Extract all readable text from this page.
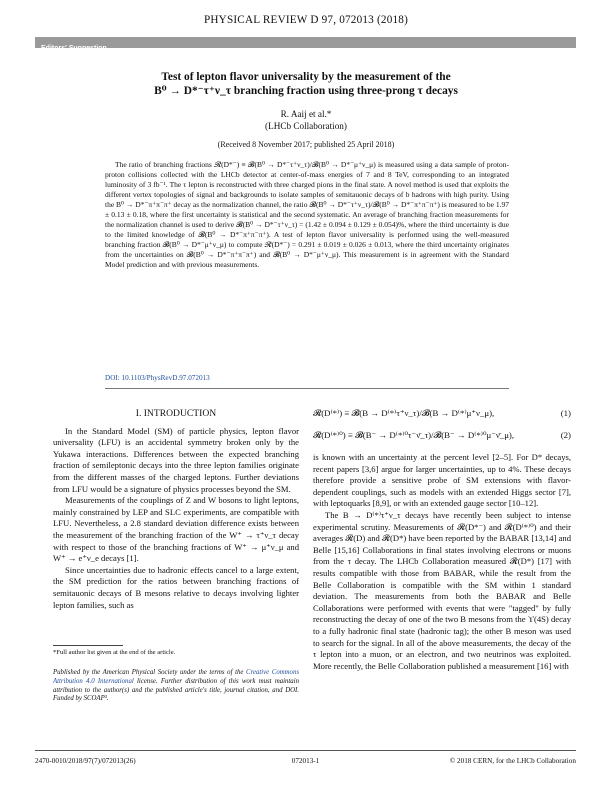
PHYSICAL REVIEW D 97, 072013 (2018)
Editors' Suggestion
Test of lepton flavor universality by the measurement of the
B⁰ → D*⁻τ⁺ν_τ branching fraction using three-prong τ decays
R. Aaij et al.*
(LHCb Collaboration)
(Received 8 November 2017; published 25 April 2018)

The ratio of branching fractions 𝓡(D*⁻) ≡ 𝓑(B⁰ → D*⁻τ⁺ν_τ)/𝓑(B⁰ → D*⁻μ⁺ν_μ) is measured using a data sample of proton-proton collisions collected with the LHCb detector at center-of-mass energies of 7 and 8 TeV, corresponding to an integrated luminosity of 3 fb⁻¹. The τ lepton is reconstructed with three charged pions in the final state. A novel method is used that exploits the different vertex topologies of signal and backgrounds to isolate samples of semitauonic decays of b hadrons with high purity. Using the B⁰ → D*⁻π⁺π⁻π⁺ decay as the normalization channel, the ratio 𝓑(B⁰ → D*⁻τ⁺ν_τ)/𝓑(B⁰ → D*⁻π⁺π⁻π⁺) is measured to be 1.97 ± 0.13 ± 0.18, where the first uncertainty is statistical and the second systematic. An average of branching fraction measurements for the normalization channel is used to derive 𝓑(B⁰ → D*⁻τ⁺ν_τ) = (1.42 ± 0.094 ± 0.129 ± 0.054)%, where the third uncertainty is due to the limited knowledge of 𝓑(B⁰ → D*⁻π⁺π⁻π⁺). A test of lepton flavor universality is performed using the well-measured branching fraction 𝓑(B⁰ → D*⁻μ⁺ν_μ) to compute 𝓡(D*⁻) = 0.291 ± 0.019 ± 0.026 ± 0.013, where the third uncertainty originates from the uncertainties on 𝓑(B⁰ → D*⁻π⁺π⁻π⁺) and 𝓑(B⁰ → D*⁻μ⁺ν_μ). This measurement is in agreement with the Standard Model prediction and with previous measurements.

DOI: 10.1103/PhysRevD.97.072013
I. INTRODUCTION

In the Standard Model (SM) of particle physics, lepton flavor universality (LFU) is an accidental symmetry broken only by the Yukawa interactions. Differences between the expected branching fraction of semileptonic decays into the three lepton families originate from the different masses of the charged leptons. Further deviations from LFU would be a signature of physics processes beyond the SM.

Measurements of the couplings of Z and W bosons to light leptons, mainly constrained by LEP and SLC experiments, are compatible with LFU. Nevertheless, a 2.8 standard deviation difference exists between the measurement of the branching fraction of the W⁺ → τ⁺ν_τ decay with respect to those of the branching fractions of W⁺ → μ⁺ν_μ and W⁺ → e⁺ν_e decays [1].

Since uncertainties due to hadronic effects cancel to a large extent, the SM prediction for the ratios between branching fractions of semitauonic decays of B mesons relative to decays involving lighter lepton families, such as

𝓡(D⁽*⁾) ≡ 𝓑(B → D⁽*⁾τ⁺ν_τ)/𝓑(B → D⁽*⁾μ⁺ν_μ),	(1)
𝓡(D⁽*⁾⁰) ≡ 𝓑(B⁻ → D⁽*⁾⁰τ⁻ν̄_τ)/𝓑(B⁻ → D⁽*⁾⁰μ⁻ν̄_μ),	(2)

is known with an uncertainty at the percent level [2–5]. For D* decays, recent papers [3,6] argue for larger uncertainties, up to 4%. These decays therefore provide a sensitive probe of SM extensions with flavor-dependent couplings, such as models with an extended Higgs sector [7], with leptoquarks [8,9], or with an extended gauge sector [10–12].

The B → D⁽*⁾τ⁺ν_τ decays have recently been subject to intense experimental scrutiny. Measurements of 𝓡(D*⁻) and 𝓡(D⁽*⁾⁰) and their averages 𝓡(D) and 𝓡(D*) have been reported by the BABAR [13,14] and Belle [15,16] Collaborations in final states involving electrons or muons from the τ decay. The LHCb Collaboration measured 𝓡(D*) [17] with results compatible with those from BABAR, while the result from the Belle Collaboration is compatible with the SM within 1 standard deviation. The measurements from both the BABAR and Belle Collaborations were performed with events that were "tagged" by fully reconstructing the decay of one of the two B mesons from the ϒ(4S) decay to a fully hadronic final state (hadronic tag); the other B meson was used to search for the signal. In all of the above measurements, the decay of the τ lepton into a muon, or an electron, and two neutrinos was exploited. More recently, the Belle Collaboration published a measurement [16] with

*Full author list given at the end of the article.
Published by the American Physical Society under the terms of the Creative Commons Attribution 4.0 International license. Further distribution of this work must maintain attribution to the author(s) and the published article's title, journal citation, and DOI. Funded by SCOAP³.
2470-0010/2018/97(7)/072013(26)	072013-1	© 2018 CERN, for the LHCb Collaboration
